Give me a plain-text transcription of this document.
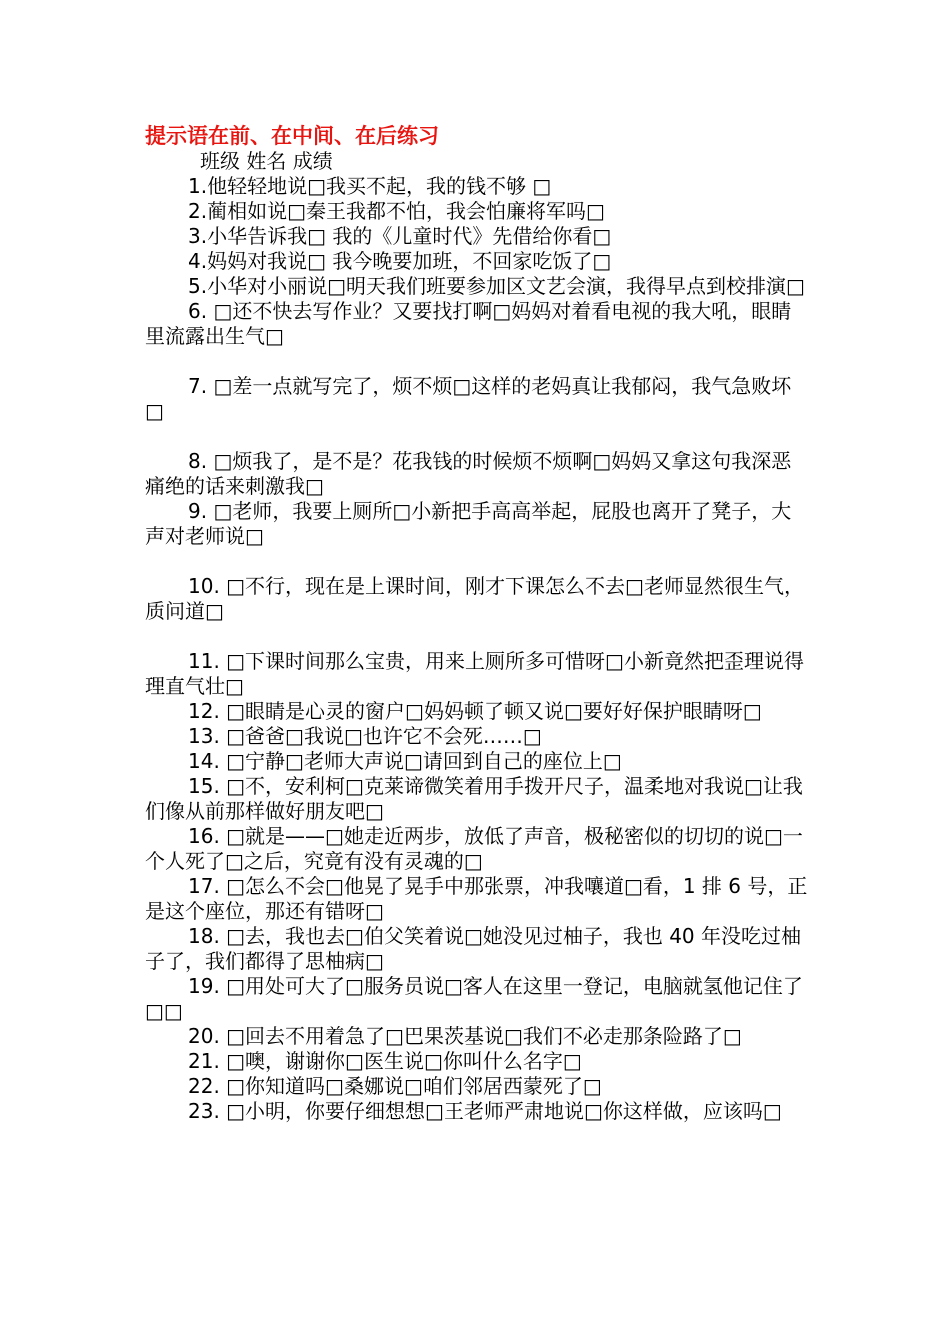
提示语在前、在中间、在后练习
班级 姓名 成绩
1.他轻轻地说□我买不起，我的钱不够 □
2.蔺相如说□秦王我都不怕，我会怕廉将军吗□
3.小华告诉我□ 我的《儿童时代》先借给你看□
4.妈妈对我说□ 我今晚要加班，不回家吃饭了□
5.小华对小丽说□明天我们班要参加区文艺会演，我得早点到校排演□
6. □还不快去写作业？又要找打啊□妈妈对着看电视的我大吼，眼睛里流露出生气□
7. □差一点就写完了，烦不烦□这样的老妈真让我郁闷，我气急败坏□
8. □烦我了，是不是？花我钱的时候烦不烦啊□妈妈又拿这句我深恶痛绝的话来刺激我□
9. □老师，我要上厕所□小新把手高高举起，屁股也离开了凳子，大声对老师说□
10. □不行，现在是上课时间，刚才下课怎么不去□老师显然很生气，质问道□
11. □下课时间那么宝贵，用来上厕所多可惜呀□小新竟然把歪理说得理直气壮□
12. □眼睛是心灵的窗户□妈妈顿了顿又说□要好好保护眼睛呀□
13. □爸爸□我说□也许它不会死……□
14. □宁静□老师大声说□请回到自己的座位上□
15. □不，安利柯□克莱谛微笑着用手拨开尺子，温柔地对我说□让我们像从前那样做好朋友吧□
16. □就是——□她走近两步，放低了声音，极秘密似的切切的说□一个人死了□之后，究竟有没有灵魂的□
17. □怎么不会□他晃了晃手中那张票，冲我嚷道□看，1 排 6 号，正是这个座位，那还有错呀□
18. □去，我也去□伯父笑着说□她没见过柚子，我也 40 年没吃过柚子了，我们都得了思柚病□
19. □用处可大了□服务员说□客人在这里一登记，电脑就氢他记住了□□
20. □回去不用着急了□巴果茨基说□我们不必走那条险路了□
21. □噢，谢谢你□医生说□你叫什么名字□
22. □你知道吗□桑娜说□咱们邻居西蒙死了□
23. □小明，你要仔细想想□王老师严肃地说□你这样做，应该吗□
